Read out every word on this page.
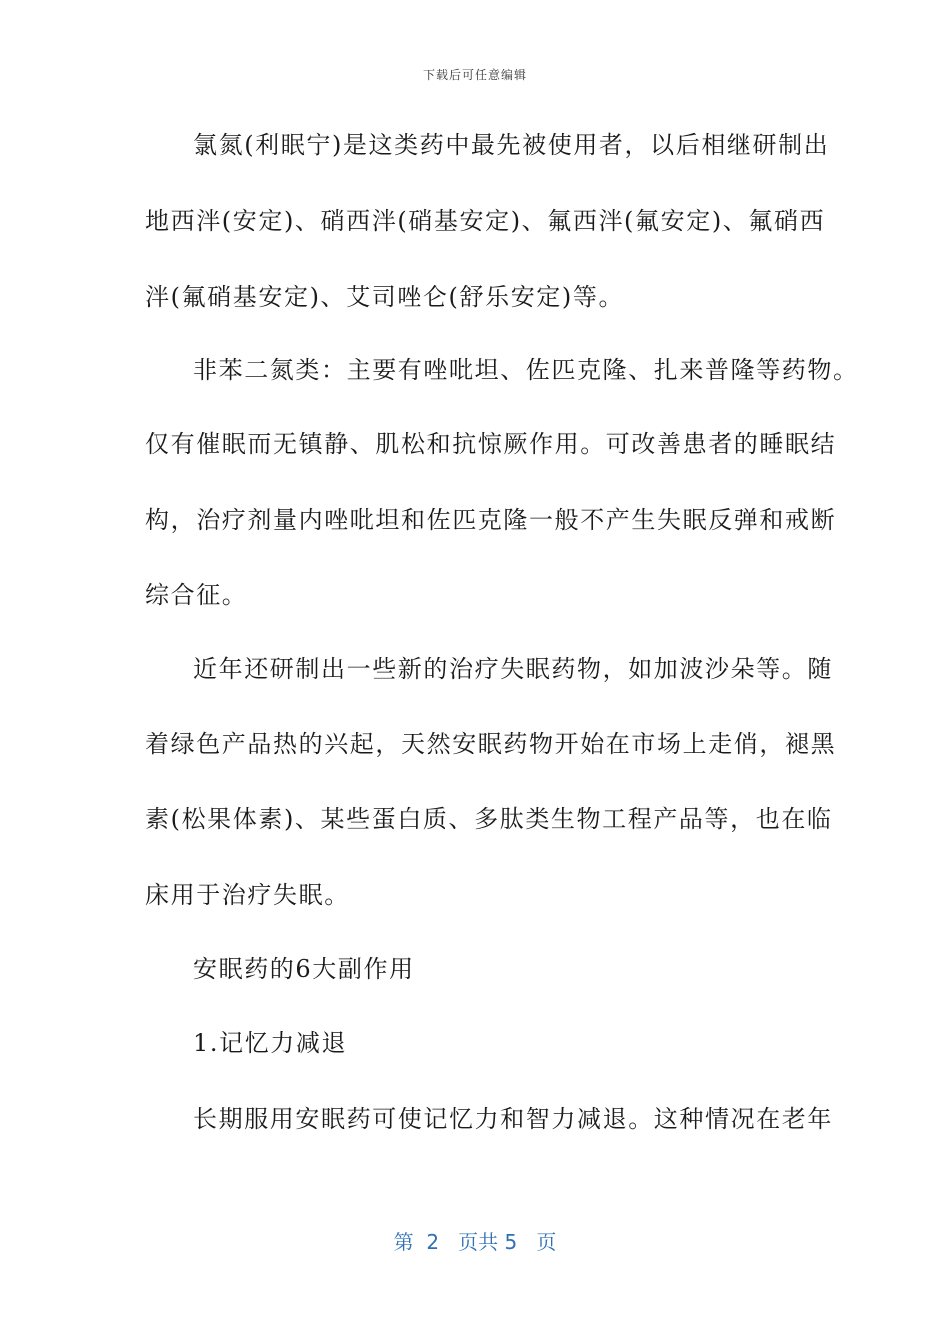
下载后可任意编辑
氯氮(利眠宁)是这类药中最先被使用者，以后相继研制出
地西泮(安定)、硝西泮(硝基安定)、氟西泮(氟安定)、氟硝西
泮(氟硝基安定)、艾司唑仑(舒乐安定)等。
非苯二氮类：主要有唑吡坦、佐匹克隆、扎来普隆等药物。
仅有催眠而无镇静、肌松和抗惊厥作用。可改善患者的睡眠结
构，治疗剂量内唑吡坦和佐匹克隆一般不产生失眠反弹和戒断
综合征。
近年还研制出一些新的治疗失眠药物，如加波沙朵等。随
着绿色产品热的兴起，天然安眠药物开始在市场上走俏，褪黑
素(松果体素)、某些蛋白质、多肽类生物工程产品等，也在临
床用于治疗失眠。
安眠药的6大副作用
1.记忆力减退
长期服用安眠药可使记忆力和智力减退。这种情况在老年
第  2   页共 5   页
